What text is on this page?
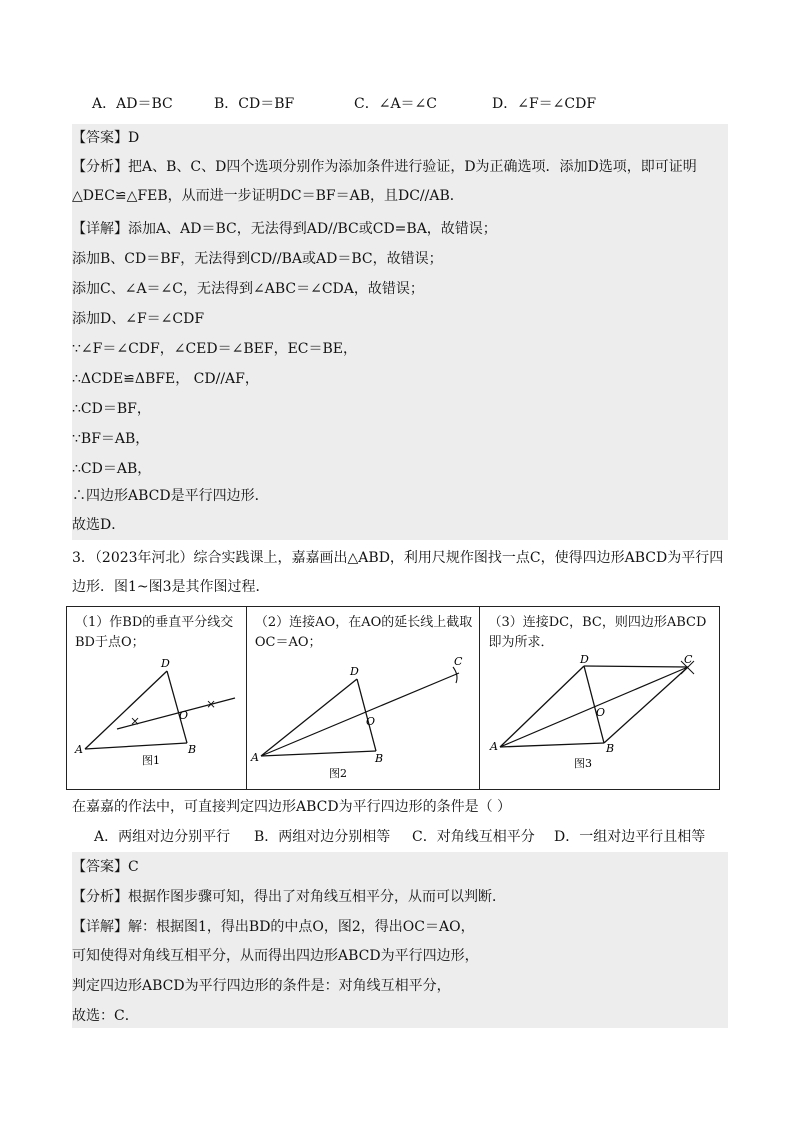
A．AD＝BC	B．CD＝BF	C．∠A＝∠C	D．∠F＝∠CDF
【答案】D
【分析】把A、B、C、D四个选项分别作为添加条件进行验证，D为正确选项．添加D选项，即可证明
△DEC≌△FEB，从而进一步证明DC＝BF＝AB，且DC//AB．
【详解】添加A、AD＝BC，无法得到AD//BC或CD=BA，故错误；
添加B、CD＝BF，无法得到CD//BA或AD＝BC，故错误；
添加C、∠A＝∠C，无法得到∠ABC＝∠CDA，故错误；
添加D、∠F＝∠CDF
∵∠F＝∠CDF，∠CED＝∠BEF，EC＝BE，
∴ΔCDE≌ΔBFE， CD//AF，
∴CD＝BF，
∵BF＝AB，
∴CD＝AB，
∴四边形ABCD是平行四边形．
故选D．
3．（2023年河北）综合实践课上，嘉嘉画出△ABD，利用尺规作图找一点C，使得四边形ABCD为平行四
边形．图1~图3是其作图过程．
（1）作BD的垂直平分线交BD于点O；
×
×
D
O
A	B
图1

（2）连接AO，在AO的延长线上截取OC＝AO；
D
C
O
A	B
图2

（3）连接DC，BC，则四边形ABCD即为所求．
D	C
O
A	B
图3
在嘉嘉的作法中，可直接判定四边形ABCD为平行四边形的条件是（ ）
A．两组对边分别平行 B．两组对边分别相等 C．对角线互相平分 D．一组对边平行且相等
【答案】C
【分析】根据作图步骤可知，得出了对角线互相平分，从而可以判断．
【详解】解：根据图1，得出BD的中点O，图2，得出OC＝AO，
可知使得对角线互相平分，从而得出四边形ABCD为平行四边形，
判定四边形ABCD为平行四边形的条件是：对角线互相平分，
故选：C．
